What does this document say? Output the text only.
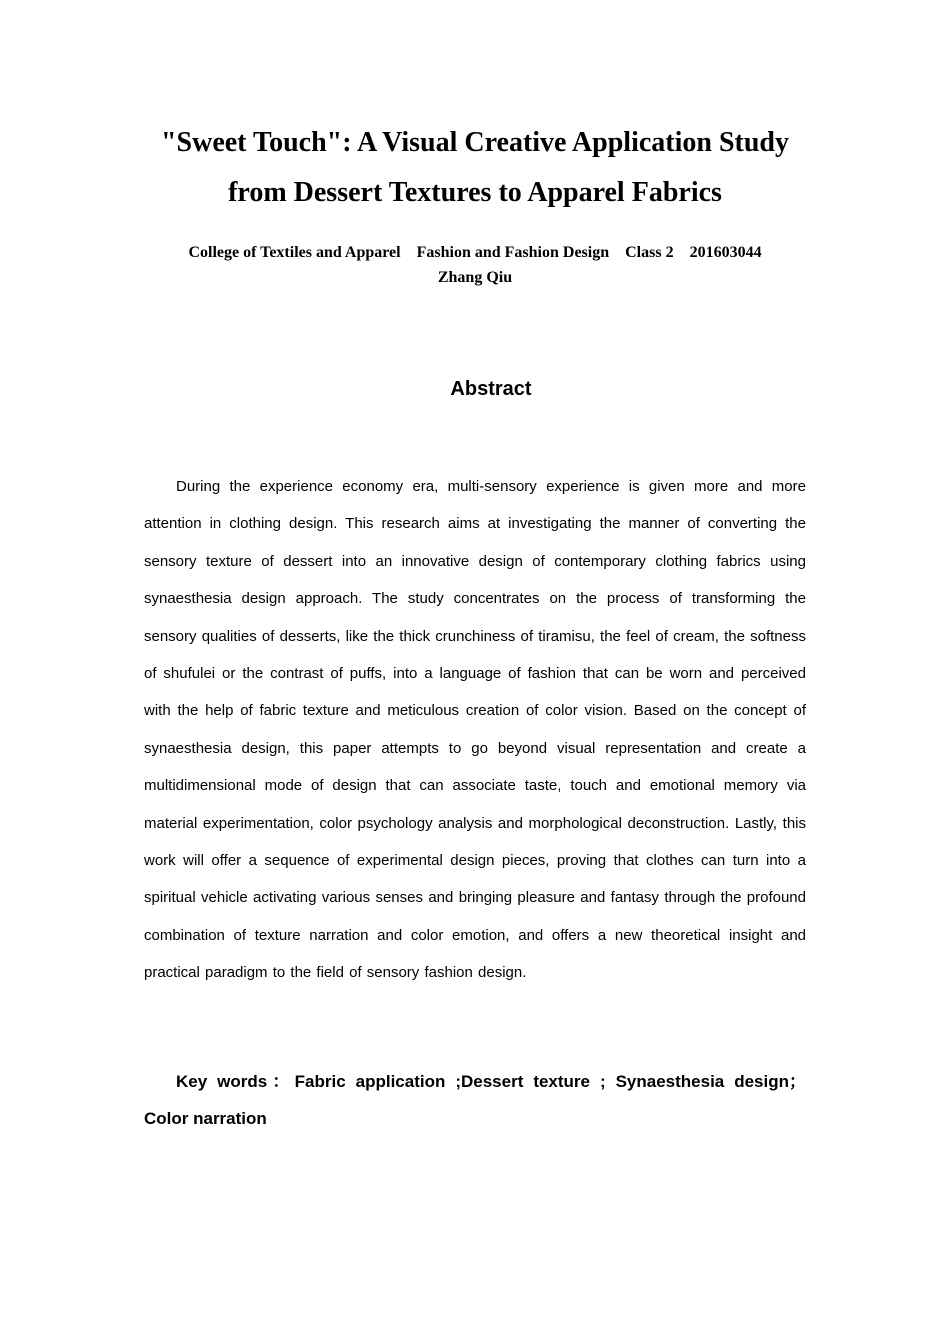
"Sweet Touch": A Visual Creative Application Study
from Dessert Textures to Apparel Fabrics
College of Textiles and Apparel    Fashion and Fashion Design    Class 2    201603044
Zhang Qiu
Abstract

During the experience economy era, multi-sensory experience is given more and more attention in clothing design. This research aims at investigating the manner of converting the sensory texture of dessert into an innovative design of contemporary clothing fabrics using synaesthesia design approach. The study concentrates on the process of transforming the sensory qualities of desserts, like the thick crunchiness of tiramisu, the feel of cream, the softness of shufulei or the contrast of puffs, into a language of fashion that can be worn and perceived with the help of fabric texture and meticulous creation of color vision. Based on the concept of synaesthesia design, this paper attempts to go beyond visual representation and create a multidimensional mode of design that can associate taste, touch and emotional memory via material experimentation, color psychology analysis and morphological deconstruction. Lastly, this work will offer a sequence of experimental design pieces, proving that clothes can turn into a spiritual vehicle activating various senses and bringing pleasure and fantasy through the profound combination of texture narration and color emotion, and offers a new theoretical insight and practical paradigm to the field of sensory fashion design.

Key words：Fabric application ;Dessert texture ; Synaesthesia design； Color narration
